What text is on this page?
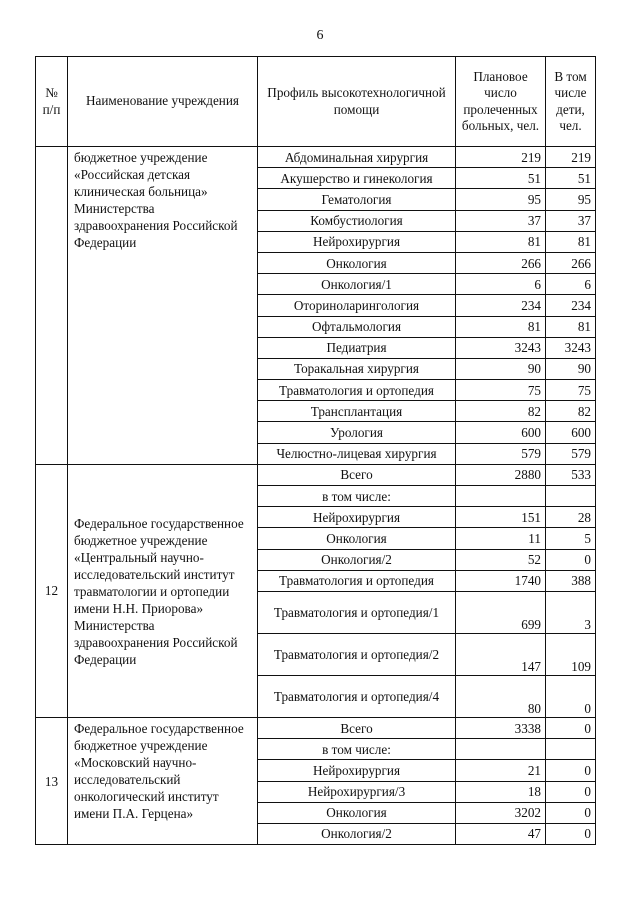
6
№ п/п	Наименование учреждения	Профиль высокотехнологичной помощи	Плановое число пролеченных больных, чел.	В том числе дети, чел.
	бюджетное учреждение «Российская детская клиническая больница» Министерства здравоохранения Российской Федерации	Абдоминальная хирургия	219	219
		Акушерство и гинекология	51	51
		Гематология	95	95
		Комбустиология	37	37
		Нейрохирургия	81	81
		Онкология	266	266
		Онкология/1	6	6
		Оториноларингология	234	234
		Офтальмология	81	81
		Педиатрия	3243	3243
		Торакальная хирургия	90	90
		Травматология и ортопедия	75	75
		Трансплантация	82	82
		Урология	600	600
		Челюстно-лицевая хирургия	579	579
12	Федеральное государственное бюджетное учреждение «Центральный научно-исследовательский институт травматологии и ортопедии имени Н.Н. Приорова» Министерства здравоохранения Российской Федерации	Всего	2880	533
		в том числе:		
		Нейрохирургия	151	28
		Онкология	11	5
		Онкология/2	52	0
		Травматология и ортопедия	1740	388
		Травматология и ортопедия/1	699	3
		Травматология и ортопедия/2	147	109
		Травматология и ортопедия/4	80	0
13	Федеральное государственное бюджетное учреждение «Московский научно-исследовательский онкологический институт имени П.А. Герцена»	Всего	3338	0
		в том числе:		
		Нейрохирургия	21	0
		Нейрохирургия/3	18	0
		Онкология	3202	0
		Онкология/2	47	0
